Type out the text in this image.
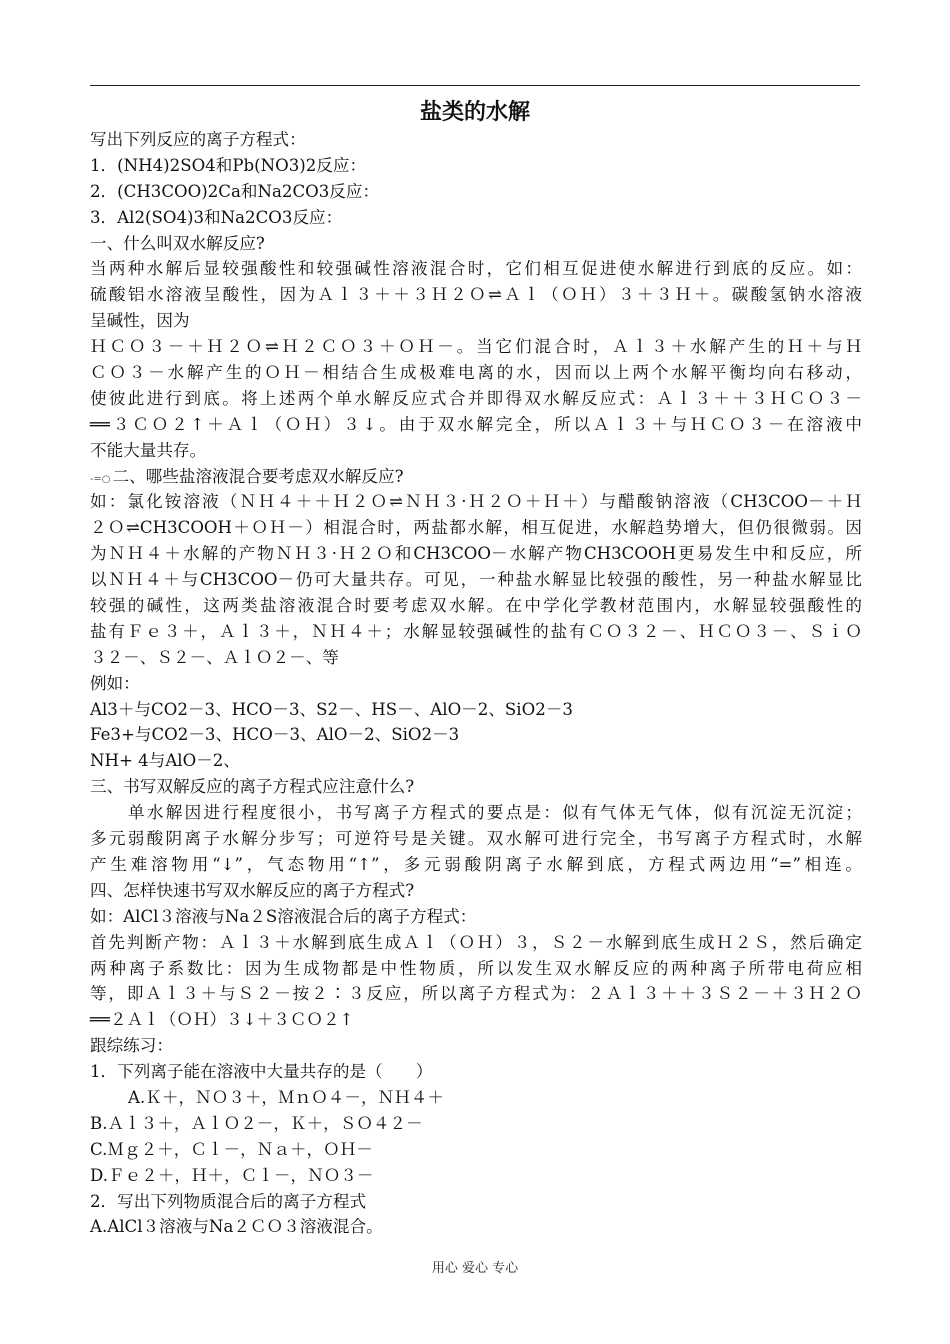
盐类的水解
写出下列反应的离子方程式：
1．(NH4)2SO4和Pb(NO3)2反应：
2．(CH3COO)2Ca和Na2CO3反应：
3．Al2(SO4)3和Na2CO3反应：
一、什么叫双水解反应?
当两种水解后显较强酸性和较强碱性溶液混合时，它们相互促进使水解进行到底的反应。如：
硫酸铝水溶液呈酸性，因为Ａｌ３＋＋３Ｈ２Ｏ⇌Ａｌ（ＯＨ）３＋３Ｈ＋。碳酸氢钠水溶液
呈碱性，因为
ＨＣＯ３－＋Ｈ２Ｏ⇌Ｈ２ＣＯ３＋ＯＨ－。当它们混合时，Ａｌ３＋水解产生的Ｈ＋与Ｈ
ＣＯ３－水解产生的ＯＨ－相结合生成极难电离的水，因而以上两个水解平衡均向右移动，
使彼此进行到底。将上述两个单水解反应式合并即得双水解反应式：Ａｌ３＋＋３ＨＣＯ３－
══３ＣＯ２↑＋Ａｌ（ＯＨ）３↓。由于双水解完全，所以Ａｌ３＋与ＨＣＯ３－在溶液中
不能大量共存。
-=○ 二、哪些盐溶液混合要考虑双水解反应?
如：氯化铵溶液（ＮＨ４＋＋Ｈ２Ｏ⇌ＮＨ３·Ｈ２Ｏ＋Ｈ＋）与醋酸钠溶液（CH3COO－＋Ｈ
２Ｏ⇌CH3COOH＋ＯＨ－）相混合时，两盐都水解，相互促进，水解趋势增大，但仍很微弱。因
为ＮＨ４＋水解的产物ＮＨ３·Ｈ２Ｏ和CH3COO－水解产物CH3COOH更易发生中和反应，所
以ＮＨ４＋与CH3COO－仍可大量共存。可见，一种盐水解显比较强的酸性，另一种盐水解显比
较强的碱性，这两类盐溶液混合时要考虑双水解。在中学化学教材范围内，水解显较强酸性的
盐有Ｆｅ３＋，Ａｌ３＋，ＮＨ４＋；水解显较强碱性的盐有ＣＯ３２－、ＨＣＯ３－、ＳｉＯ
３２－、Ｓ２－、ＡｌＯ２－、等
例如：
Al3＋与CO2－3、HCO－3、S2－、HS－、AlO－2、SiO2－3
Fe3+与CO2－3、HCO－3、AlO－2、SiO2－3
NH+ 4与AlO－2、
三、书写双解反应的离子方程式应注意什么?
单水解因进行程度很小，书写离子方程式的要点是：似有气体无气体，似有沉淀无沉淀；
多元弱酸阴离子水解分步写；可逆符号是关键。双水解可进行完全，书写离子方程式时，水解
产生难溶物用“↓”，气态物用“↑”，多元弱酸阴离子水解到底，方程式两边用“=”相连。
四、怎样快速书写双水解反应的离子方程式?
如：AlCl３溶液与Na２S溶液混合后的离子方程式：
首先判断产物：Ａｌ３＋水解到底生成Ａｌ（ＯＨ）３，Ｓ２－水解到底生成Ｈ２Ｓ，然后确定
两种离子系数比：因为生成物都是中性物质，所以发生双水解反应的两种离子所带电荷应相
等，即Ａｌ３＋与Ｓ２－按２∶３反应，所以离子方程式为：２Ａｌ３＋＋３Ｓ２－＋３Ｈ２Ｏ
══２Ａｌ（ＯＨ）３↓＋３ＣＯ２↑
跟综练习：
1．下列离子能在溶液中大量共存的是（　　）
A.Ｋ＋，ＮＯ３＋，ＭｎＯ４－，ＮＨ４＋
B.Ａｌ３＋，ＡｌＯ２－，Ｋ＋，ＳＯ４２－
C.Ｍｇ２＋，Ｃｌ－，Ｎａ＋，ＯＨ－
D.Ｆｅ２＋，Ｈ＋，Ｃｌ－，ＮＯ３－
2．写出下列物质混合后的离子方程式
A.AlCl３溶液与Na２ＣＯ３溶液混合。
用心 爱心 专心
